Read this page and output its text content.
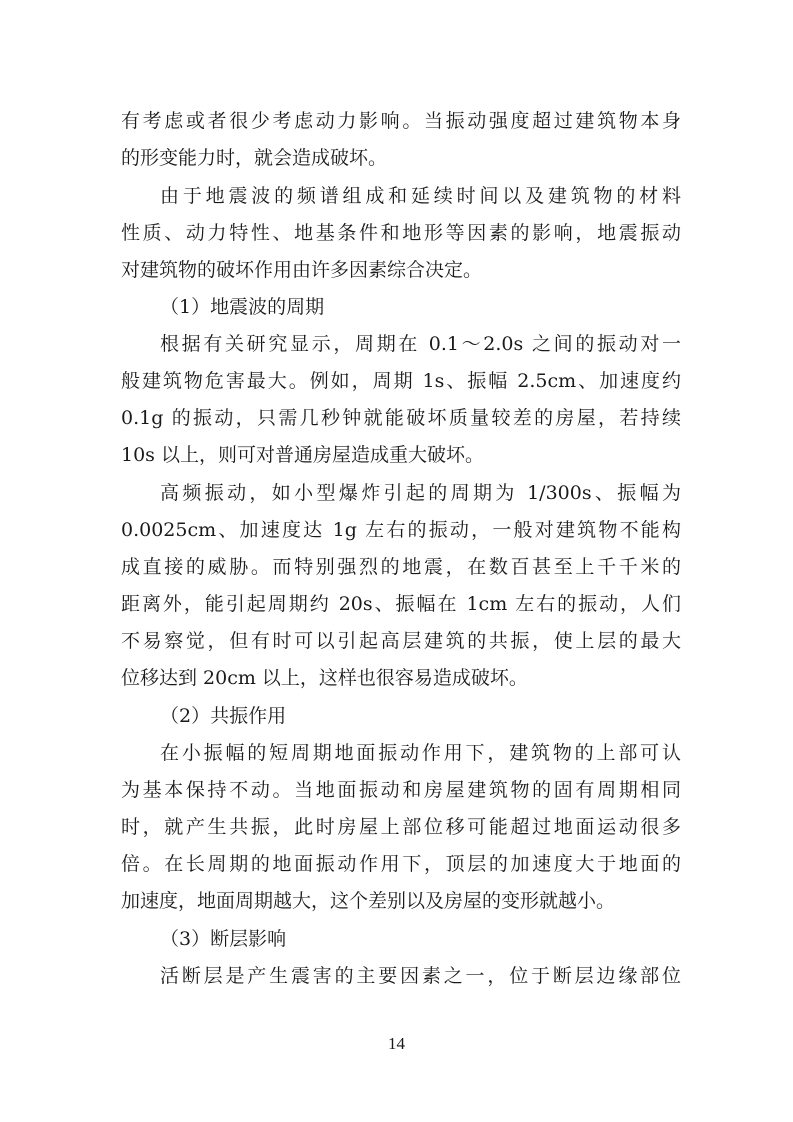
有考虑或者很少考虑动力影响。当振动强度超过建筑物本身
的形变能力时，就会造成破坏。
由于地震波的频谱组成和延续时间以及建筑物的材料
性质、动力特性、地基条件和地形等因素的影响，地震振动
对建筑物的破坏作用由许多因素综合决定。
（1）地震波的周期
根据有关研究显示，周期在 0.1～2.0s 之间的振动对一
般建筑物危害最大。例如，周期 1s、振幅 2.5cm、加速度约
0.1g 的振动，只需几秒钟就能破坏质量较差的房屋，若持续
10s 以上，则可对普通房屋造成重大破坏。
高频振动，如小型爆炸引起的周期为 1/300s、振幅为
0.0025cm、加速度达 1g 左右的振动，一般对建筑物不能构
成直接的威胁。而特别强烈的地震，在数百甚至上千千米的
距离外，能引起周期约 20s、振幅在 1cm 左右的振动，人们
不易察觉，但有时可以引起高层建筑的共振，使上层的最大
位移达到 20cm 以上，这样也很容易造成破坏。
（2）共振作用
在小振幅的短周期地面振动作用下，建筑物的上部可认
为基本保持不动。当地面振动和房屋建筑物的固有周期相同
时，就产生共振，此时房屋上部位移可能超过地面运动很多
倍。在长周期的地面振动作用下，顶层的加速度大于地面的
加速度，地面周期越大，这个差别以及房屋的变形就越小。
（3）断层影响
活断层是产生震害的主要因素之一，位于断层边缘部位
14
